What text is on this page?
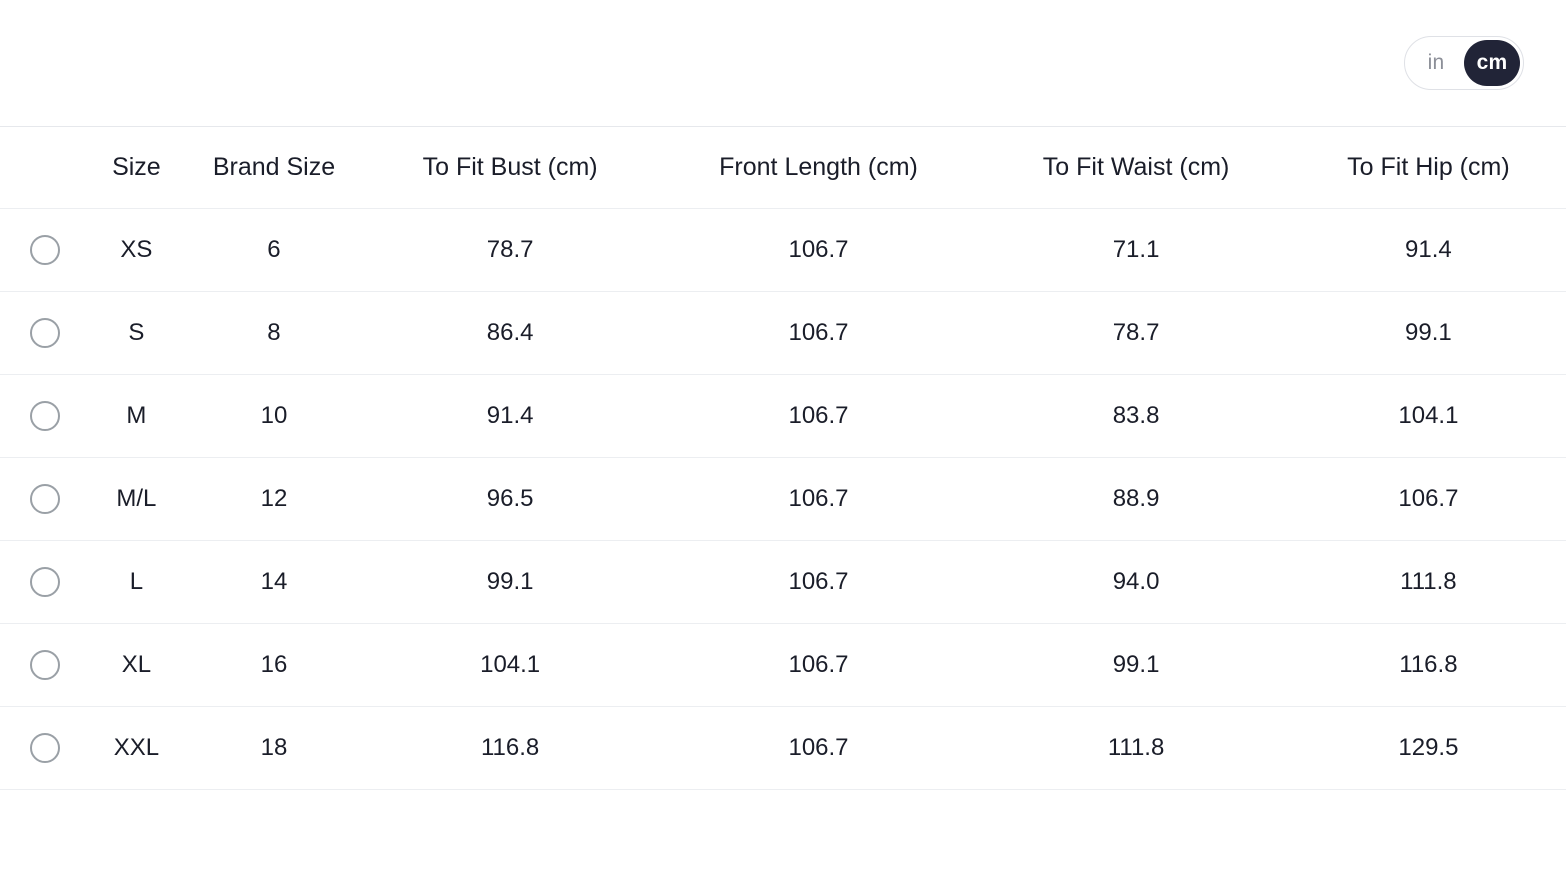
in	cm
	Size	Brand Size	To Fit Bust (cm)	Front Length (cm)	To Fit Waist (cm)	To Fit Hip (cm)
	XS	6	78.7	106.7	71.1	91.4
	S	8	86.4	106.7	78.7	99.1
	M	10	91.4	106.7	83.8	104.1
	M/L	12	96.5	106.7	88.9	106.7
	L	14	99.1	106.7	94.0	111.8
	XL	16	104.1	106.7	99.1	116.8
	XXL	18	116.8	106.7	111.8	129.5
